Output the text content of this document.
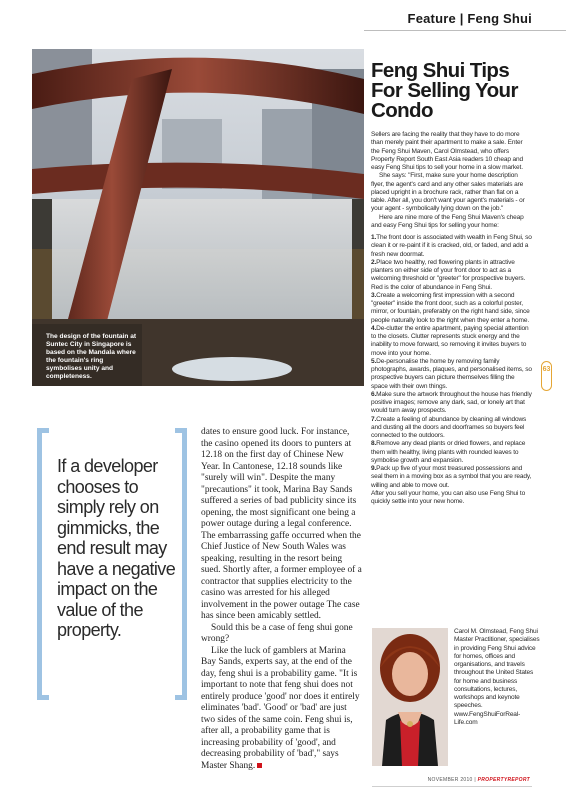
Feature | Feng Shui
The design of the fountain at Suntec City in Singapore is based on the Mandala where the fountain's ring symbolises unity and completeness.
Feng Shui Tips
For Selling Your
Condo

Sellers are facing the reality that they have to do more than merely paint their apartment to make a sale. Enter the Feng Shui Maven, Carol Olmstead, who offers Property Report South East Asia readers 10 cheap and easy Feng Shui tips to sell your home in a slow market.

She says: "First, make sure your home description flyer, the agent's card and any other sales materials are placed upright in a brochure rack, rather than flat on a table. After all, you don't want your agent's materials - or your agent - symbolically lying down on the job."

Here are nine more of the Feng Shui Maven's cheap and easy Feng Shui tips for selling your home:

1.The front door is associated with wealth in Feng Shui, so clean it or re-paint if it is cracked, old, or faded, and add a fresh new doormat.

2.Place two healthy, red flowering plants in attractive planters on either side of your front door to act as a welcoming threshold or "greeter" for prospective buyers. Red is the color of abundance in Feng Shui.

3.Create a welcoming first impression with a second "greeter" inside the front door, such as a colorful poster, mirror, or fountain, preferably on the right hand side, since people naturally look to the right when they enter a home.

4.De-clutter the entire apartment, paying special attention to the closets. Clutter represents stuck energy and the inability to move forward, so removing it invites buyers to move into your home.

5.De-personalise the home by removing family photographs, awards, plaques, and personalised items, so prospective buyers can picture themselves filling the space with their own things.

6.Make sure the artwork throughout the house has friendly positive images; remove any dark, sad, or lonely art that would turn away prospects.

7.Create a feeling of abundance by cleaning all windows and dusting all the doors and doorframes so buyers feel connected to the outdoors.

8.Remove any dead plants or dried flowers, and replace them with healthy, living plants with rounded leaves to symbolise growth and expansion.

9.Pack up five of your most treasured possessions and seal them in a moving box as a symbol that you are ready, willing and able to move out.

After you sell your home, you can also use Feng Shui to quickly settle into your new home.

If a developer chooses to simply rely on gimmicks, the end result may have a negative impact on the value of the property.

dates to ensure good luck. For instance, the casino opened its doors to punters at 12.18 on the first day of Chinese New Year. In Cantonese, 12.18 sounds like "surely will win". Despite the many "precautions" it took, Marina Bay Sands suffered a series of bad publicity since its opening, the most significant one being a power outage during a legal conference. The embarrassing gaffe occurred when the Chief Justice of New South Wales was speaking, resulting in the resort being sued. Shortly after, a former employee of a contractor that supplies electricity to the casino was arrested for his alleged involvement in the power outage The case has since been amicably settled.

Sould this be a case of feng shui gone wrong?

Like the luck of gamblers at Marina Bay Sands, experts say, at the end of the day, feng shui is a probability game. "It is important to note that feng shui does not entirely produce 'good' nor does it entirely eliminates 'bad'. 'Good' or 'bad' are just two sides of the same coin. Feng shui is, after all, a probability game that is increasing probability of 'good', and decreasing probability of 'bad'," says Master Shang.

Carol M. Olmstead, Feng Shui Master Practitioner, specialises in providing Feng Shui advice for homes, offices and organisations, and travels throughout the United States for home and business consultations, lectures, workshops and keynote speeches.

www.FengShuiForReal-Life.com

63
NOVEMBER 2010 | PROPERTYREPORT
